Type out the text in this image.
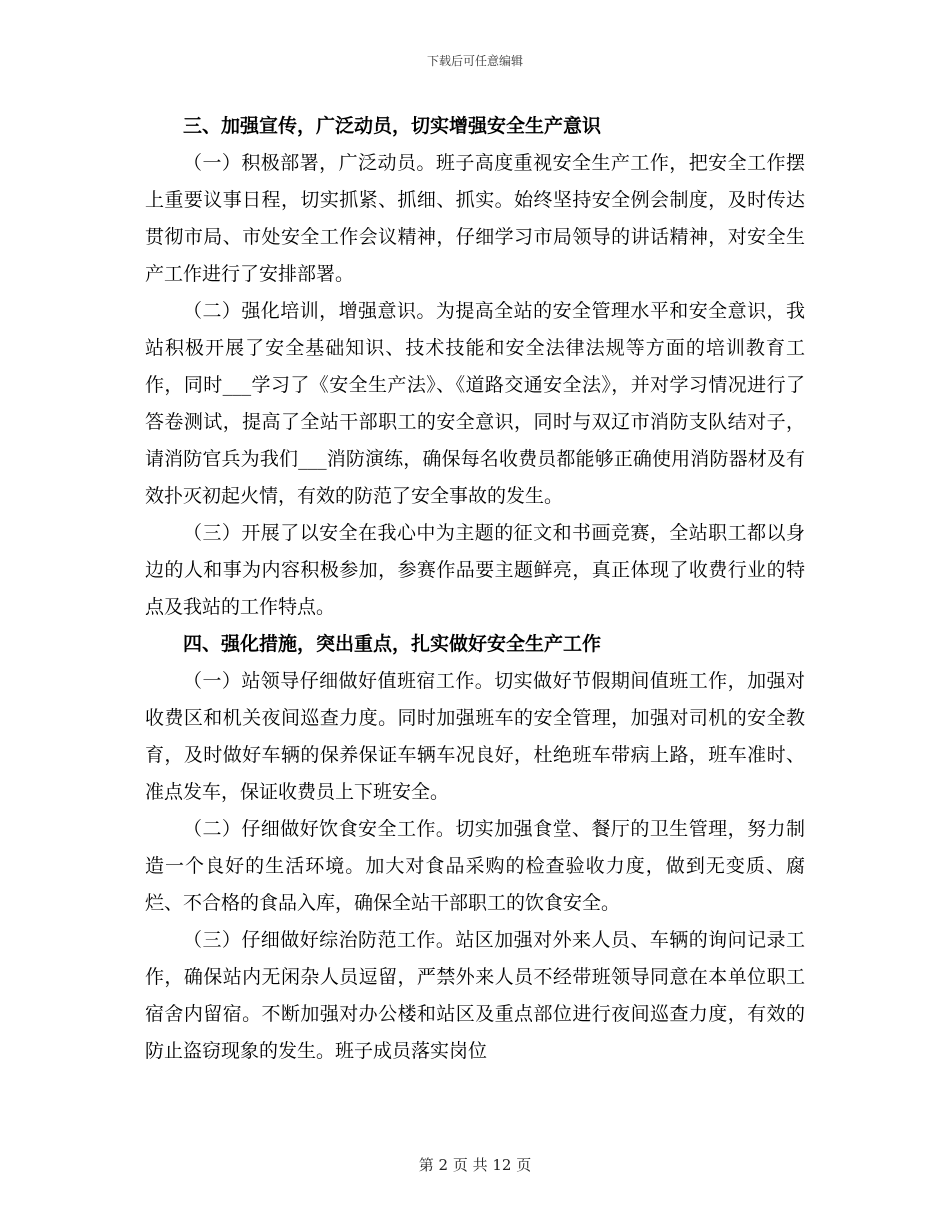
下载后可任意编辑

三、加强宣传，广泛动员，切实增强安全生产意识

（一）积极部署，广泛动员。班子高度重视安全生产工作，把安全工作摆上重要议事日程，切实抓紧、抓细、抓实。始终坚持安全例会制度，及时传达贯彻市局、市处安全工作会议精神，仔细学习市局领导的讲话精神，对安全生产工作进行了安排部署。

（二）强化培训，增强意识。为提高全站的安全管理水平和安全意识，我站积极开展了安全基础知识、技术技能和安全法律法规等方面的培训教育工作，同时___学习了《安全生产法》、《道路交通安全法》，并对学习情况进行了答卷测试，提高了全站干部职工的安全意识，同时与双辽市消防支队结对子，请消防官兵为我们___消防演练，确保每名收费员都能够正确使用消防器材及有效扑灭初起火情，有效的防范了安全事故的发生。

（三）开展了以安全在我心中为主题的征文和书画竞赛，全站职工都以身边的人和事为内容积极参加，参赛作品要主题鲜亮，真正体现了收费行业的特点及我站的工作特点。

四、强化措施，突出重点，扎实做好安全生产工作

（一）站领导仔细做好值班宿工作。切实做好节假期间值班工作，加强对收费区和机关夜间巡查力度。同时加强班车的安全管理，加强对司机的安全教育，及时做好车辆的保养保证车辆车况良好，杜绝班车带病上路，班车准时、准点发车，保证收费员上下班安全。

（二）仔细做好饮食安全工作。切实加强食堂、餐厅的卫生管理，努力制造一个良好的生活环境。加大对食品采购的检查验收力度，做到无变质、腐烂、不合格的食品入库，确保全站干部职工的饮食安全。

（三）仔细做好综治防范工作。站区加强对外来人员、车辆的询问记录工作，确保站内无闲杂人员逗留，严禁外来人员不经带班领导同意在本单位职工宿舍内留宿。不断加强对办公楼和站区及重点部位进行夜间巡查力度，有效的防止盗窃现象的发生。班子成员落实岗位

第 2 页 共 12 页
